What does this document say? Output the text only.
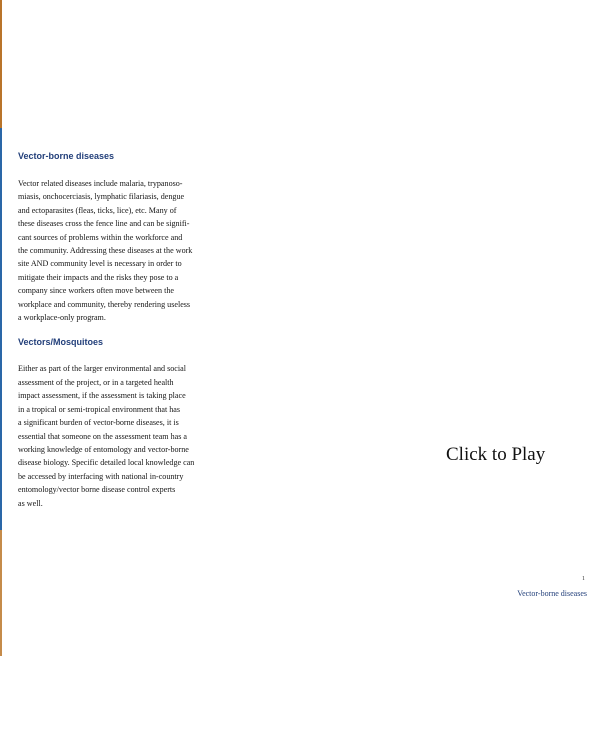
Vector-borne diseases

Vector related diseases include malaria, trypanoso-
miasis, onchocerciasis, lymphatic filariasis, dengue
and ectoparasites (fleas, ticks, lice), etc. Many of
these diseases cross the fence line and can be signifi-
cant sources of problems within the workforce and
the community. Addressing these diseases at the work
site AND community level is necessary in order to
mitigate their impacts and the risks they pose to a
company since workers often move between the
workplace and community, thereby rendering useless
a workplace-only program.

Vectors/Mosquitoes

Either as part of the larger environmental and social
assessment of the project, or in a targeted health
impact assessment, if the assessment is taking place
in a tropical or semi-tropical environment that has
a significant burden of vector-borne diseases, it is
essential that someone on the assessment team has a
working knowledge of entomology and vector-borne
disease biology. Specific detailed local knowledge can
be accessed by interfacing with national in-country
entomology/vector borne disease control experts
as well.

Click to Play
1
Vector-borne diseases
